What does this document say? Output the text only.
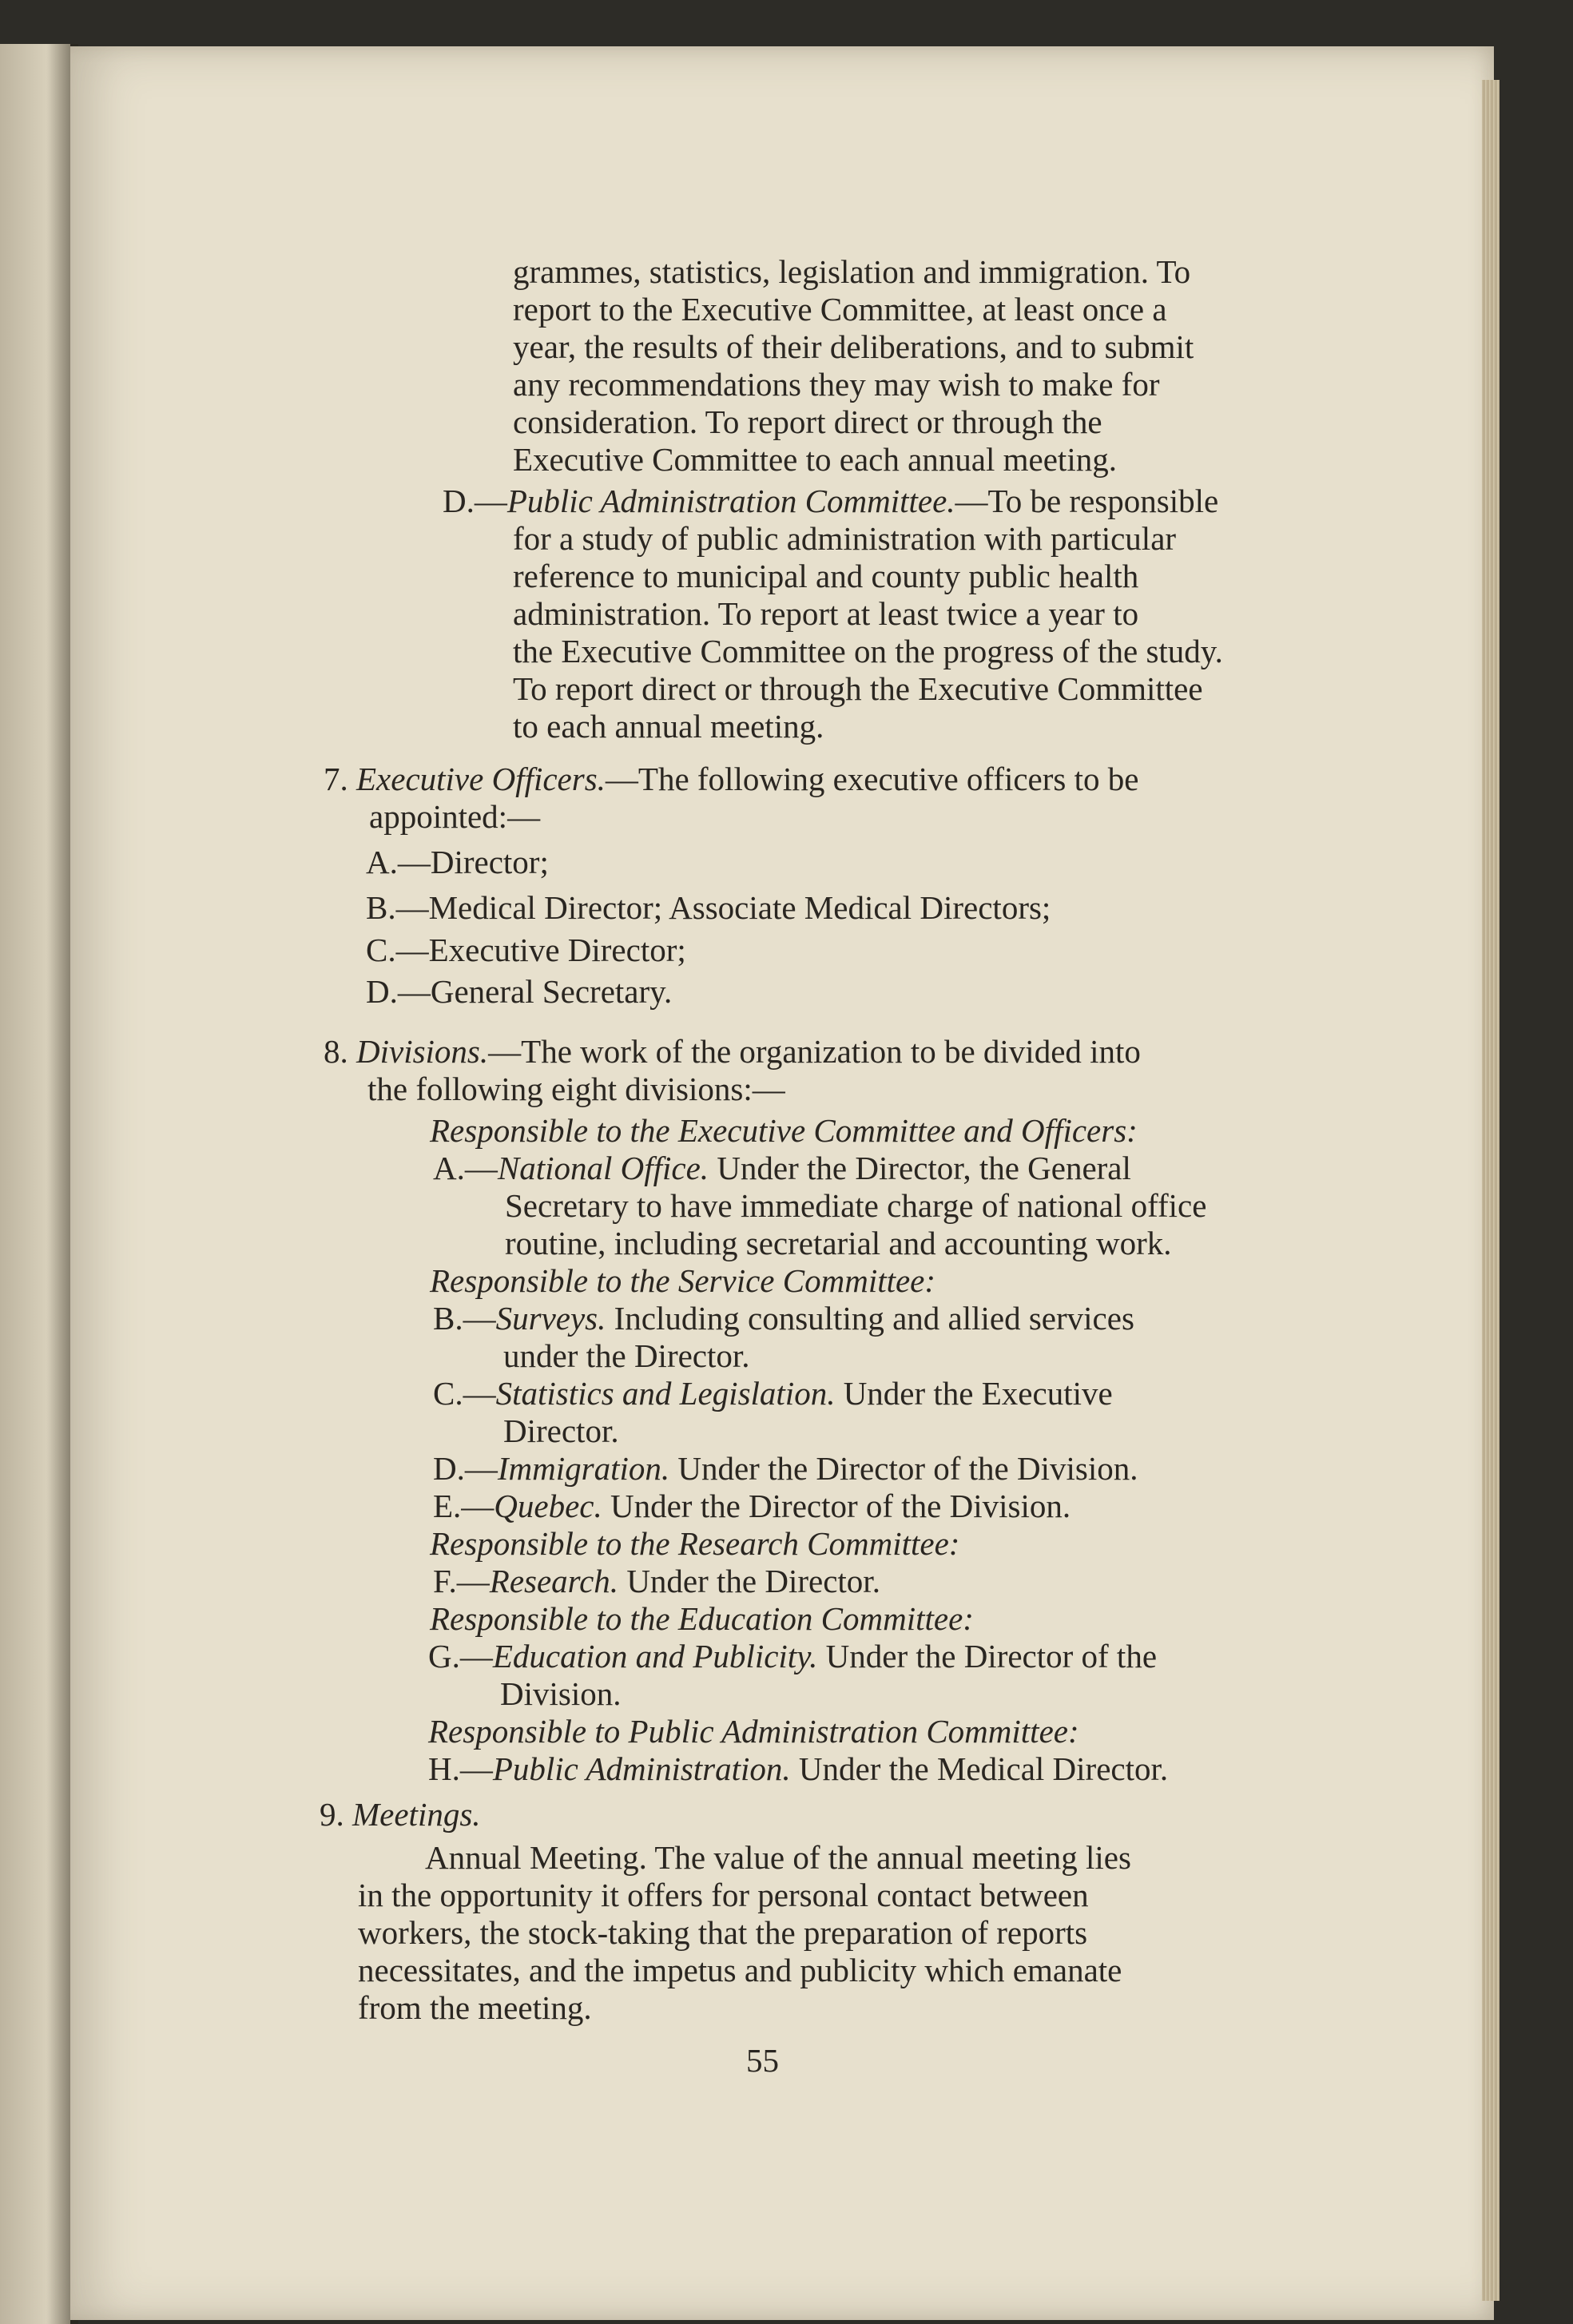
grammes, statistics, legislation and immigration. To
report to the Executive Committee, at least once a
year, the results of their deliberations, and to submit
any recommendations they may wish to make for
consideration. To report direct or through the
Executive Committee to each annual meeting.
D.—Public Administration Committee.—To be responsible
for a study of public administration with particular
reference to municipal and county public health
administration. To report at least twice a year to
the Executive Committee on the progress of the study.
To report direct or through the Executive Committee
to each annual meeting.
7. Executive Officers.—The following executive officers to be
appointed:—
A.—Director;
B.—Medical Director; Associate Medical Directors;
C.—Executive Director;
D.—General Secretary.
8. Divisions.—The work of the organization to be divided into
the following eight divisions:—
Responsible to the Executive Committee and Officers:
A.—National Office. Under the Director, the General
Secretary to have immediate charge of national office
routine, including secretarial and accounting work.
Responsible to the Service Committee:
B.—Surveys. Including consulting and allied services
under the Director.
C.—Statistics and Legislation. Under the Executive
Director.
D.—Immigration. Under the Director of the Division.
E.—Quebec. Under the Director of the Division.
Responsible to the Research Committee:
F.—Research. Under the Director.
Responsible to the Education Committee:
G.—Education and Publicity. Under the Director of the
Division.
Responsible to Public Administration Committee:
H.—Public Administration. Under the Medical Director.
9. Meetings.
Annual Meeting. The value of the annual meeting lies
in the opportunity it offers for personal contact between
workers, the stock-taking that the preparation of reports
necessitates, and the impetus and publicity which emanate
from the meeting.
55
